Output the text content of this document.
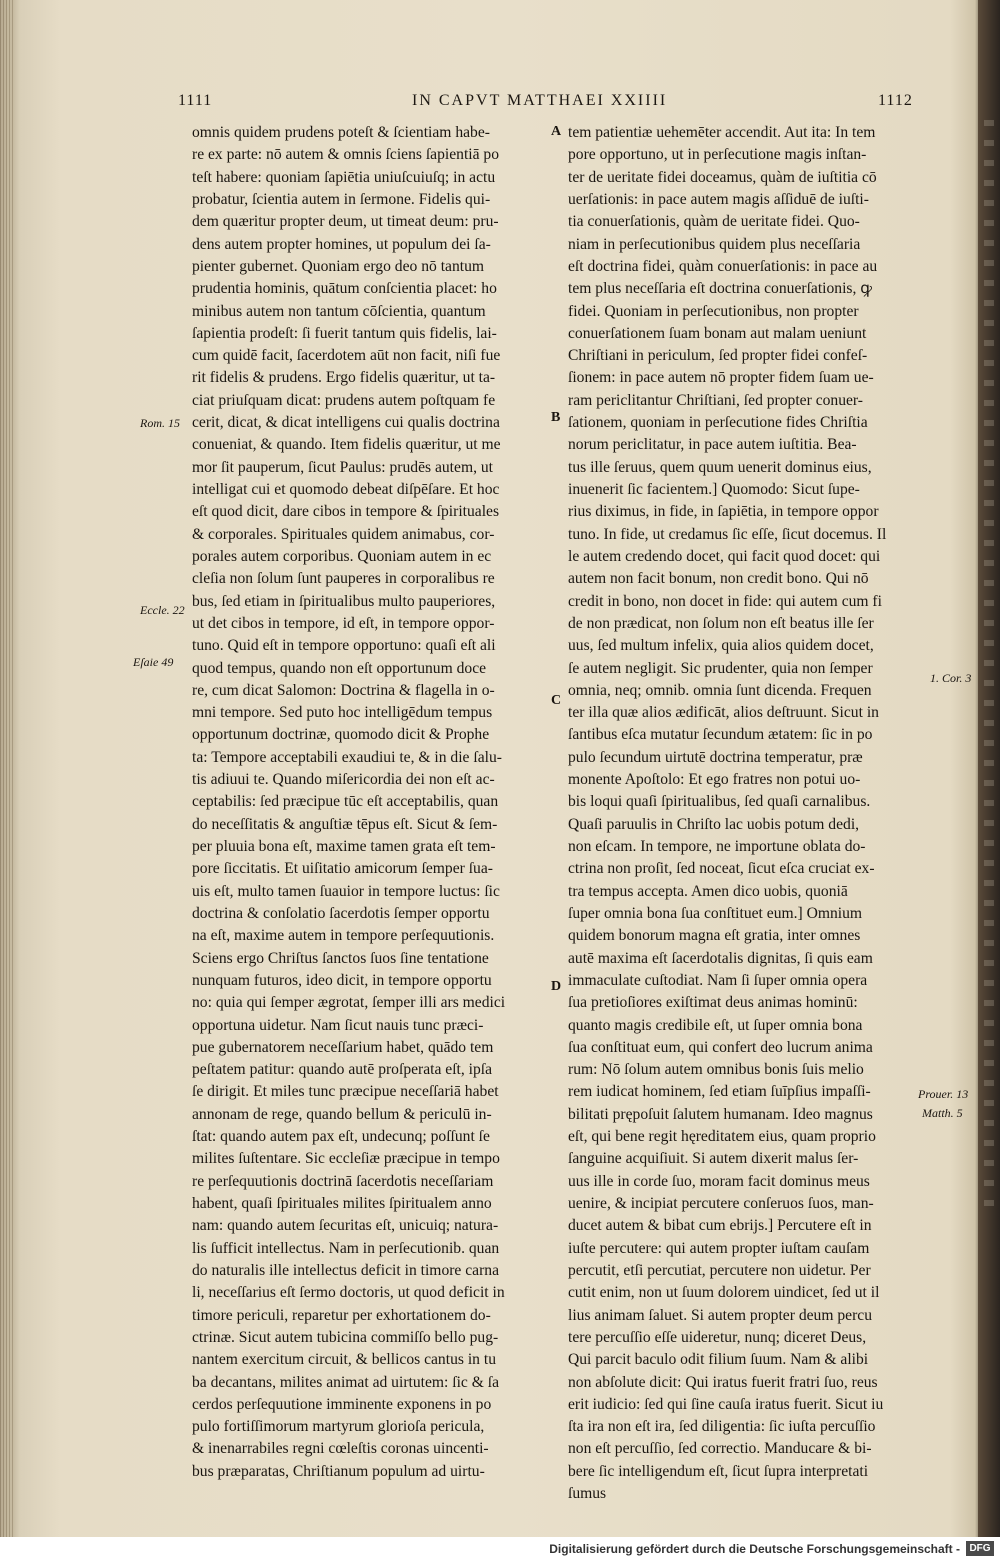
1111	IN CAPVT MATTHAEI XXIIII	1112
omnis quidem prudens poteſt & ſcientiam habe-
re ex parte: nō autem & omnis ſciens ſapientiā po
teſt habere: quoniam ſapiētia uniuſcuiuſq; in actu
probatur, ſcientia autem in ſermone. Fidelis qui-
dem quæritur propter deum, ut timeat deum: pru-
dens autem propter homines, ut populum dei ſa-
pienter gubernet. Quoniam ergo deo nō tantum
prudentia hominis, quātum conſcientia placet: ho
minibus autem non tantum cōſcientia, quantum
ſapientia prodeſt: ſi fuerit tantum quis fidelis, lai-
cum quidē facit, ſacerdotem aūt non facit, niſi fue
rit fidelis & prudens. Ergo fidelis quæritur, ut ta-
ciat priuſquam dicat: prudens autem poſtquam fe
cerit, dicat, & dicat intelligens cui qualis doctrina
conueniat, & quando. Item fidelis quæritur, ut me
mor ſit pauperum, ſicut Paulus: prudēs autem, ut
intelligat cui et quomodo debeat diſpēſare. Et hoc
eſt quod dicit, dare cibos in tempore & ſpirituales
& corporales. Spirituales quidem animabus, cor-
porales autem corporibus. Quoniam autem in ec
cleſia non ſolum ſunt pauperes in corporalibus re
bus, ſed etiam in ſpiritualibus multo pauperiores,
ut det cibos in tempore, id eſt, in tempore oppor-
tuno. Quid eſt in tempore opportuno: quaſi eſt ali
quod tempus, quando non eſt opportunum doce
re, cum dicat Salomon: Doctrina & flagella in o-
mni tempore. Sed puto hoc intelligēdum tempus
opportunum doctrinæ, quomodo dicit & Prophe
ta: Tempore acceptabili exaudiui te, & in die ſalu-
tis adiuui te. Quando miſericordia dei non eſt ac-
ceptabilis: ſed præcipue tūc eſt acceptabilis, quan
do neceſſitatis & anguſtiæ tēpus eſt. Sicut & ſem-
per pluuia bona eſt, maxime tamen grata eſt tem-
pore ſiccitatis. Et uiſitatio amicorum ſemper ſua-
uis eſt, multo tamen ſuauior in tempore luctus: ſic
doctrina & conſolatio ſacerdotis ſemper opportu
na eſt, maxime autem in tempore perſequutionis.
Sciens ergo Chriſtus ſanctos ſuos ſine tentatione
nunquam futuros, ideo dicit, in tempore opportu
no: quia qui ſemper ægrotat, ſemper illi ars medici
opportuna uidetur. Nam ſicut nauis tunc præci-
pue gubernatorem neceſſarium habet, quādo tem
peſtatem patitur: quando autē proſperata eſt, ipſa
ſe dirigit. Et miles tunc præcipue neceſſariā habet
annonam de rege, quando bellum & periculū in-
ſtat: quando autem pax eſt, undecunq; poſſunt ſe
milites ſuſtentare. Sic eccleſiæ præcipue in tempo
re perſequutionis doctrinā ſacerdotis neceſſariam
habent, quaſi ſpirituales milites ſpiritualem anno
nam: quando autem ſecuritas eſt, unicuiq; natura-
lis ſufficit intellectus. Nam in perſecutionib. quan
do naturalis ille intellectus deficit in timore carna
li, neceſſarius eſt ſermo doctoris, ut quod deficit in
timore periculi, reparetur per exhortationem do-
ctrinæ. Sicut autem tubicina commiſſo bello pug-
nantem exercitum circuit, & bellicos cantus in tu
ba decantans, milites animat ad uirtutem: ſic & ſa
cerdos perſequutione imminente exponens in po
pulo fortiſſimorum martyrum glorioſa pericula,
& inenarrabiles regni cœleſtis coronas uincenti-
bus præparatas, Chriſtianum populum ad uirtu-
tem patientiæ uehemēter accendit. Aut ita: In tem
pore opportuno, ut in perſecutione magis inſtan-
ter de ueritate fidei doceamus, quàm de iuſtitia cō
uerſationis: in pace autem magis aſſiduē de iuſti-
tia conuerſationis, quàm de ueritate fidei. Quo-
niam in perſecutionibus quidem plus neceſſaria
eſt doctrina fidei, quàm conuerſationis: in pace au
tem plus neceſſaria eſt doctrina conuerſationis, ꝙ
fidei. Quoniam in perſecutionibus, non propter
conuerſationem ſuam bonam aut malam ueniunt
Chriſtiani in periculum, ſed propter fidei confeſ-
ſionem: in pace autem nō propter fidem ſuam ue-
ram periclitantur Chriſtiani, ſed propter conuer-
ſationem, quoniam in perſecutione fides Chriſtia
norum periclitatur, in pace autem iuſtitia. Bea-
tus ille ſeruus, quem quum uenerit dominus eius,
inuenerit ſic facientem.] Quomodo: Sicut ſupe-
rius diximus, in fide, in ſapiētia, in tempore oppor
tuno. In fide, ut credamus ſic eſſe, ſicut docemus. Il
le autem credendo docet, qui facit quod docet: qui
autem non facit bonum, non credit bono. Qui nō
credit in bono, non docet in fide: qui autem cum fi
de non prædicat, non ſolum non eſt beatus ille ſer
uus, ſed multum infelix, quia alios quidem docet,
ſe autem negligit. Sic prudenter, quia non ſemper
omnia, neq; omnib. omnia ſunt dicenda. Frequen
ter illa quæ alios ædificāt, alios deſtruunt. Sicut in
ſantibus eſca mutatur ſecundum ætatem: ſic in po
pulo ſecundum uirtutē doctrina temperatur, præ
monente Apoſtolo: Et ego fratres non potui uo-
bis loqui quaſi ſpiritualibus, ſed quaſi carnalibus.
Quaſi paruulis in Chriſto lac uobis potum dedi,
non eſcam. In tempore, ne importune oblata do-
ctrina non proſit, ſed noceat, ſicut eſca cruciat ex-
tra tempus accepta. Amen dico uobis, quoniā
ſuper omnia bona ſua conſtituet eum.] Omnium
quidem bonorum magna eſt gratia, inter omnes
autē maxima eſt ſacerdotalis dignitas, ſi quis eam
immaculate cuſtodiat. Nam ſi ſuper omnia opera
ſua pretioſiores exiſtimat deus animas hominū:
quanto magis credibile eſt, ut ſuper omnia bona
ſua conſtituat eum, qui confert deo lucrum anima
rum: Nō ſolum autem omnibus bonis ſuis melio
rem iudicat hominem, ſed etiam ſuīpſius impaſſi-
bilitati prępoſuit ſalutem humanam. Ideo magnus
eſt, qui bene regit hęreditatem eius, quam proprio
ſanguine acquiſiuit. Si autem dixerit malus ſer-
uus ille in corde ſuo, moram facit dominus meus
uenire, & incipiat percutere conſeruos ſuos, man-
ducet autem & bibat cum ebrijs.] Percutere eſt in
iuſte percutere: qui autem propter iuſtam cauſam
percutit, etſi percutiat, percutere non uidetur. Per
cutit enim, non ut ſuum dolorem uindicet, ſed ut il
lius animam ſaluet. Si autem propter deum percu
tere percuſſio eſſe uideretur, nunq; diceret Deus,
Qui parcit baculo odit filium ſuum. Nam & alibi
non abſolute dicit: Qui iratus fuerit fratri ſuo, reus
erit iudicio: ſed qui ſine cauſa iratus fuerit. Sicut iu
ſta ira non eſt ira, ſed diligentia: ſic iuſta percuſſio
non eſt percuſſio, ſed correctio. Manducare & bi-
bere ſic intelligendum eſt, ſicut ſupra interpretati
ſumus
A
B
C
D
Rom. 15
Eccle. 22
Eſaie 49
1. Cor. 3
Prouer. 13
Matth. 5
Digitalisierung gefördert durch die Deutsche Forschungsgemeinschaft - DFG
